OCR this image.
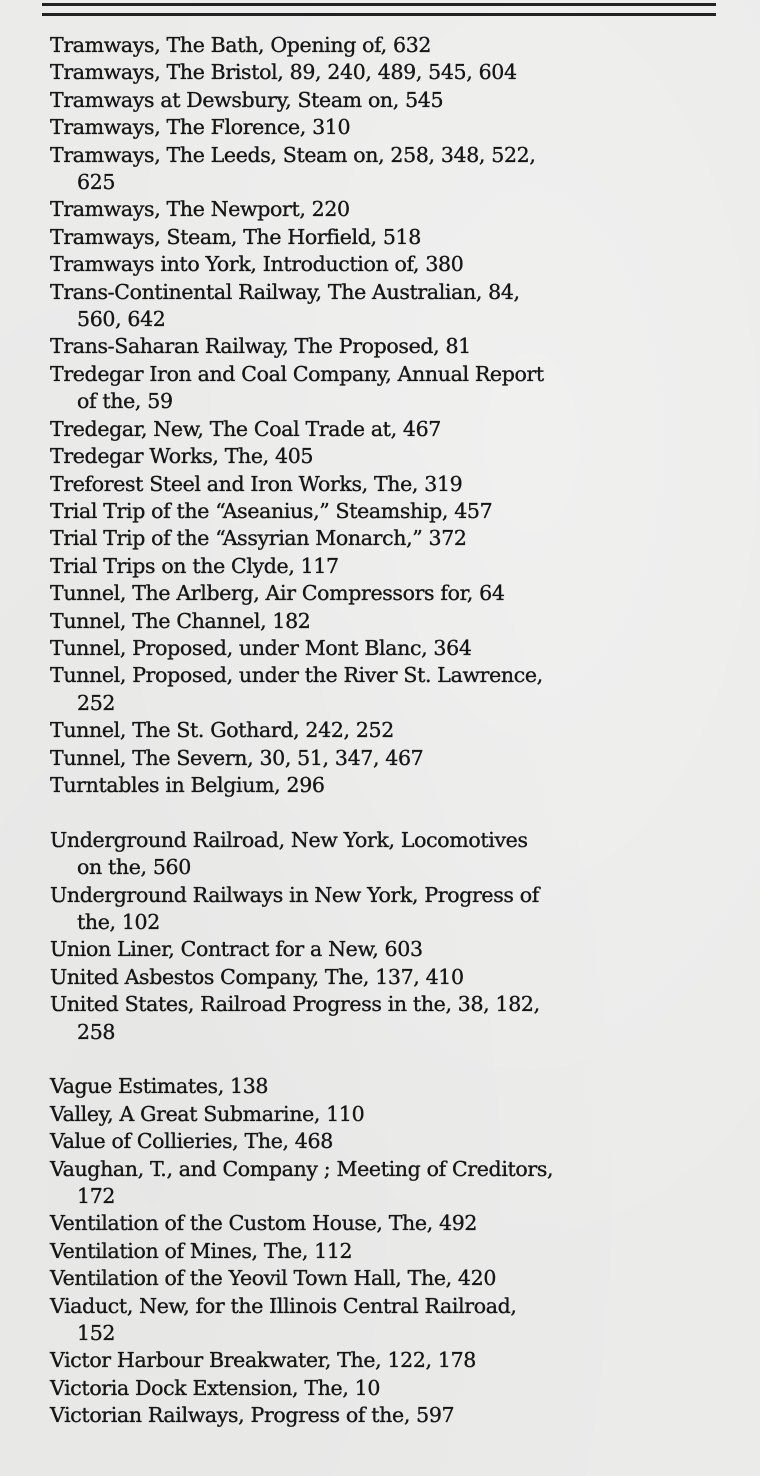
Tramways, The Bath, Opening of, 632
Tramways, The Bristol, 89, 240, 489, 545, 604
Tramways at Dewsbury, Steam on, 545
Tramways, The Florence, 310
Tramways, The Leeds, Steam on, 258, 348, 522,
625
Tramways, The Newport, 220
Tramways, Steam, The Horfield, 518
Tramways into York, Introduction of, 380
Trans-Continental Railway, The Australian, 84,
560, 642
Trans-Saharan Railway, The Proposed, 81
Tredegar Iron and Coal Company, Annual Report
of the, 59
Tredegar, New, The Coal Trade at, 467
Tredegar Works, The, 405
Treforest Steel and Iron Works, The, 319
Trial Trip of the “Aseanius,” Steamship, 457
Trial Trip of the “Assyrian Monarch,” 372
Trial Trips on the Clyde, 117
Tunnel, The Arlberg, Air Compressors for, 64
Tunnel, The Channel, 182
Tunnel, Proposed, under Mont Blanc, 364
Tunnel, Proposed, under the River St. Lawrence,
252
Tunnel, The St. Gothard, 242, 252
Tunnel, The Severn, 30, 51, 347, 467
Turntables in Belgium, 296
Underground Railroad, New York, Locomotives
on the, 560
Underground Railways in New York, Progress of
the, 102
Union Liner, Contract for a New, 603
United Asbestos Company, The, 137, 410
United States, Railroad Progress in the, 38, 182,
258
Vague Estimates, 138
Valley, A Great Submarine, 110
Value of Collieries, The, 468
Vaughan, T., and Company ; Meeting of Creditors,
172
Ventilation of the Custom House, The, 492
Ventilation of Mines, The, 112
Ventilation of the Yeovil Town Hall, The, 420
Viaduct, New, for the Illinois Central Railroad,
152
Victor Harbour Breakwater, The, 122, 178
Victoria Dock Extension, The, 10
Victorian Railways, Progress of the, 597
